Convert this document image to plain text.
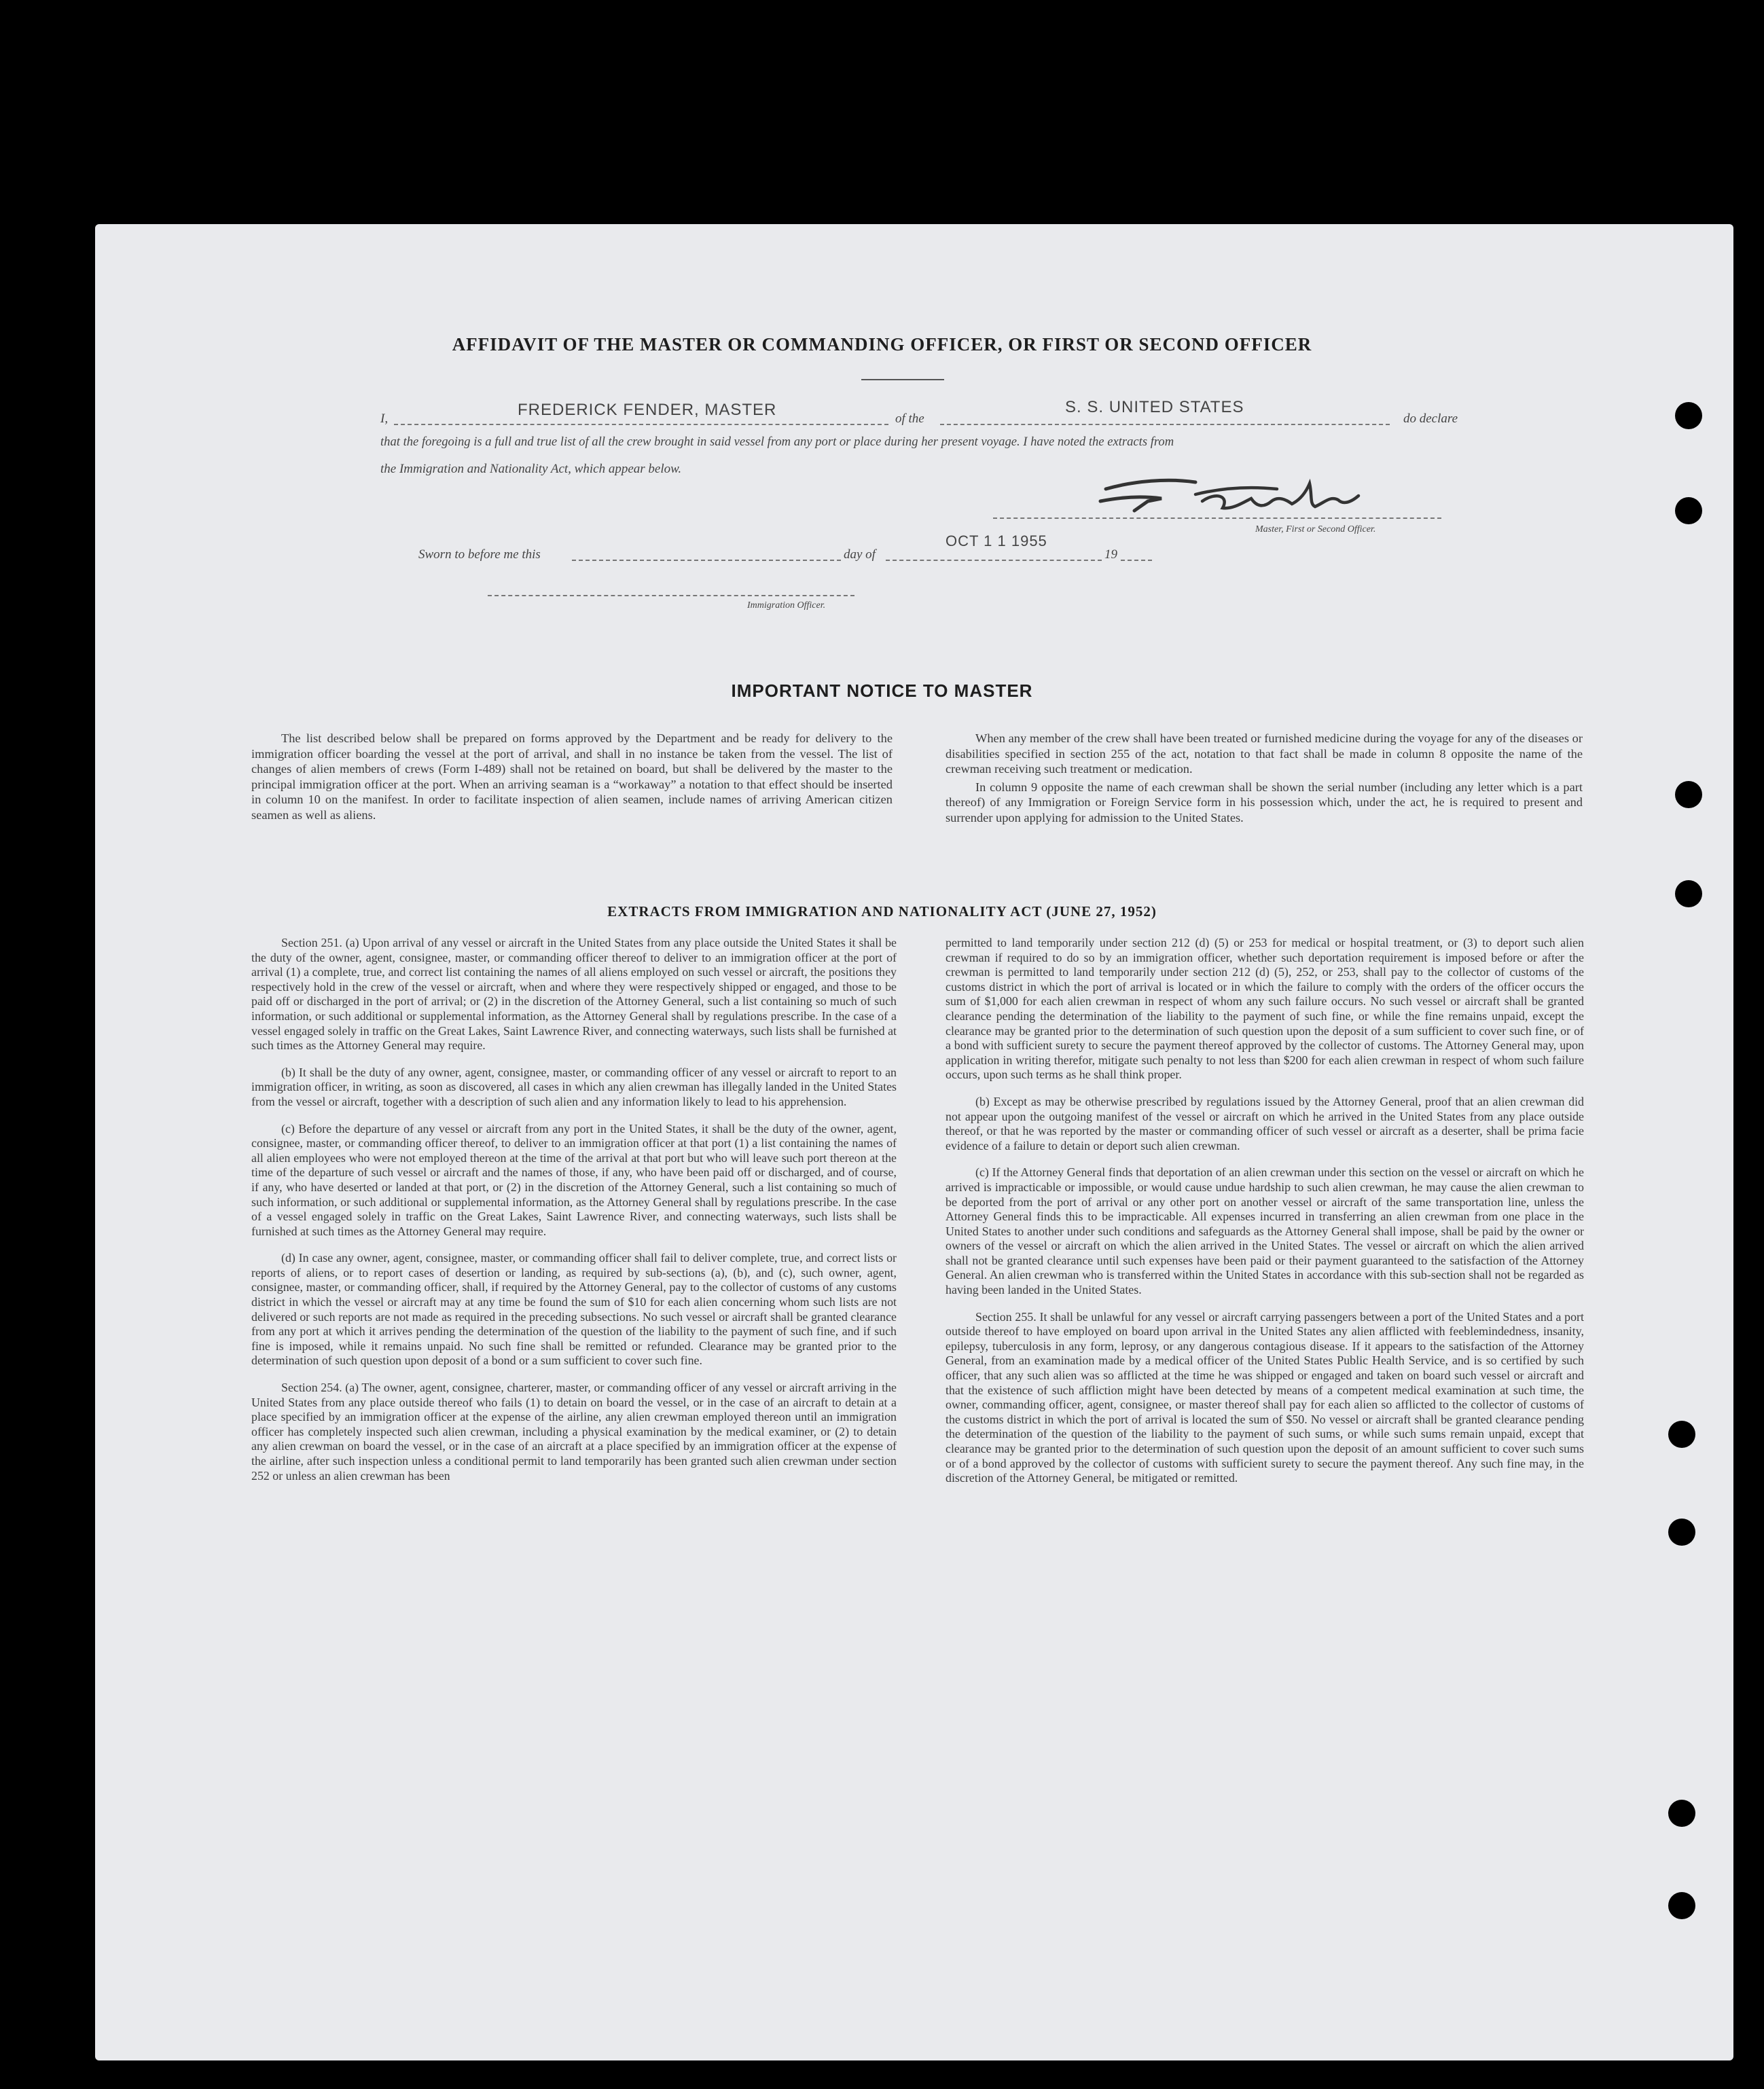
AFFIDAVIT OF THE MASTER OR COMMANDING OFFICER, OR FIRST OR SECOND OFFICER
I,	FREDERICK FENDER, MASTER	of the
S. S. UNITED STATES
do declare
that the foregoing is a full and true list of all the crew brought in said vessel from any port or place during her present voyage. I have noted the extracts from
the Immigration and Nationality Act, which appear below.
Master, First or Second Officer.
Sworn to before me this	day of
OCT 1 1 1955
19
Immigration Officer.
IMPORTANT NOTICE TO MASTER

The list described below shall be prepared on forms approved by the Department and be ready for delivery to the immigration officer boarding the vessel at the port of arrival, and shall in no instance be taken from the vessel. The list of changes of alien members of crews (Form I-489) shall not be retained on board, but shall be delivered by the master to the principal immigration officer at the port. When an arriving seaman is a “workaway” a notation to that effect should be inserted in column 10 on the manifest. In order to facilitate inspection of alien seamen, include names of arriving American citizen seamen as well as aliens.

When any member of the crew shall have been treated or furnished medicine during the voyage for any of the diseases or disabilities specified in section 255 of the act, notation to that fact shall be made in column 8 opposite the name of the crewman receiving such treatment or medication.

In column 9 opposite the name of each crewman shall be shown the serial number (including any letter which is a part thereof) of any Immigration or Foreign Service form in his possession which, under the act, he is required to present and surrender upon applying for admission to the United States.

EXTRACTS FROM IMMIGRATION AND NATIONALITY ACT (JUNE 27, 1952)

Section 251. (a) Upon arrival of any vessel or aircraft in the United States from any place outside the United States it shall be the duty of the owner, agent, consignee, master, or commanding officer thereof to deliver to an immigration officer at the port of arrival (1) a complete, true, and correct list containing the names of all aliens employed on such vessel or aircraft, the positions they respectively hold in the crew of the vessel or aircraft, when and where they were respectively shipped or engaged, and those to be paid off or discharged in the port of arrival; or (2) in the discretion of the Attorney General, such a list containing so much of such information, or such additional or supplemental information, as the Attorney General shall by regulations prescribe. In the case of a vessel engaged solely in traffic on the Great Lakes, Saint Lawrence River, and connecting waterways, such lists shall be furnished at such times as the Attorney General may require.

(b) It shall be the duty of any owner, agent, consignee, master, or commanding officer of any vessel or aircraft to report to an immigration officer, in writing, as soon as discovered, all cases in which any alien crewman has illegally landed in the United States from the vessel or aircraft, together with a description of such alien and any information likely to lead to his apprehension.

(c) Before the departure of any vessel or aircraft from any port in the United States, it shall be the duty of the owner, agent, consignee, master, or commanding officer thereof, to deliver to an immigration officer at that port (1) a list containing the names of all alien employees who were not employed thereon at the time of the arrival at that port but who will leave such port thereon at the time of the departure of such vessel or aircraft and the names of those, if any, who have been paid off or discharged, and of course, if any, who have deserted or landed at that port, or (2) in the discretion of the Attorney General, such a list containing so much of such information, or such additional or supplemental information, as the Attorney General shall by regulations prescribe. In the case of a vessel engaged solely in traffic on the Great Lakes, Saint Lawrence River, and connecting waterways, such lists shall be furnished at such times as the Attorney General may require.

(d) In case any owner, agent, consignee, master, or commanding officer shall fail to deliver complete, true, and correct lists or reports of aliens, or to report cases of desertion or landing, as required by sub-sections (a), (b), and (c), such owner, agent, consignee, master, or commanding officer, shall, if required by the Attorney General, pay to the collector of customs of any customs district in which the vessel or aircraft may at any time be found the sum of $10 for each alien concerning whom such lists are not delivered or such reports are not made as required in the preceding subsections. No such vessel or aircraft shall be granted clearance from any port at which it arrives pending the determination of the question of the liability to the payment of such fine, and if such fine is imposed, while it remains unpaid. No such fine shall be remitted or refunded. Clearance may be granted prior to the determination of such question upon deposit of a bond or a sum sufficient to cover such fine.

Section 254. (a) The owner, agent, consignee, charterer, master, or commanding officer of any vessel or aircraft arriving in the United States from any place outside thereof who fails (1) to detain on board the vessel, or in the case of an aircraft to detain at a place specified by an immigration officer at the expense of the airline, any alien crewman employed thereon until an immigration officer has completely inspected such alien crewman, including a physical examination by the medical examiner, or (2) to detain any alien crewman on board the vessel, or in the case of an aircraft at a place specified by an immigration officer at the expense of the airline, after such inspection unless a conditional permit to land temporarily has been granted such alien crewman under section 252 or unless an alien crewman has been

permitted to land temporarily under section 212 (d) (5) or 253 for medical or hospital treatment, or (3) to deport such alien crewman if required to do so by an immigration officer, whether such deportation requirement is imposed before or after the crewman is permitted to land temporarily under section 212 (d) (5), 252, or 253, shall pay to the collector of customs of the customs district in which the port of arrival is located or in which the failure to comply with the orders of the officer occurs the sum of $1,000 for each alien crewman in respect of whom any such failure occurs. No such vessel or aircraft shall be granted clearance pending the determination of the liability to the payment of such fine, or while the fine remains unpaid, except the clearance may be granted prior to the determination of such question upon the deposit of a sum sufficient to cover such fine, or of a bond with sufficient surety to secure the payment thereof approved by the collector of customs. The Attorney General may, upon application in writing therefor, mitigate such penalty to not less than $200 for each alien crewman in respect of whom such failure occurs, upon such terms as he shall think proper.

(b) Except as may be otherwise prescribed by regulations issued by the Attorney General, proof that an alien crewman did not appear upon the outgoing manifest of the vessel or aircraft on which he arrived in the United States from any place outside thereof, or that he was reported by the master or commanding officer of such vessel or aircraft as a deserter, shall be prima facie evidence of a failure to detain or deport such alien crewman.

(c) If the Attorney General finds that deportation of an alien crewman under this section on the vessel or aircraft on which he arrived is impracticable or impossible, or would cause undue hardship to such alien crewman, he may cause the alien crewman to be deported from the port of arrival or any other port on another vessel or aircraft of the same transportation line, unless the Attorney General finds this to be impracticable. All expenses incurred in transferring an alien crewman from one place in the United States to another under such conditions and safeguards as the Attorney General shall impose, shall be paid by the owner or owners of the vessel or aircraft on which the alien arrived in the United States. The vessel or aircraft on which the alien arrived shall not be granted clearance until such expenses have been paid or their payment guaranteed to the satisfaction of the Attorney General. An alien crewman who is transferred within the United States in accordance with this sub-section shall not be regarded as having been landed in the United States.

Section 255. It shall be unlawful for any vessel or aircraft carrying passengers between a port of the United States and a port outside thereof to have employed on board upon arrival in the United States any alien afflicted with feeblemindedness, insanity, epilepsy, tuberculosis in any form, leprosy, or any dangerous contagious disease. If it appears to the satisfaction of the Attorney General, from an examination made by a medical officer of the United States Public Health Service, and is so certified by such officer, that any such alien was so afflicted at the time he was shipped or engaged and taken on board such vessel or aircraft and that the existence of such affliction might have been detected by means of a competent medical examination at such time, the owner, commanding officer, agent, consignee, or master thereof shall pay for each alien so afflicted to the collector of customs of the customs district in which the port of arrival is located the sum of $50. No vessel or aircraft shall be granted clearance pending the determination of the question of the liability to the payment of such sums, or while such sums remain unpaid, except that clearance may be granted prior to the determination of such question upon the deposit of an amount sufficient to cover such sums or of a bond approved by the collector of customs with sufficient surety to secure the payment thereof. Any such fine may, in the discretion of the Attorney General, be mitigated or remitted.
